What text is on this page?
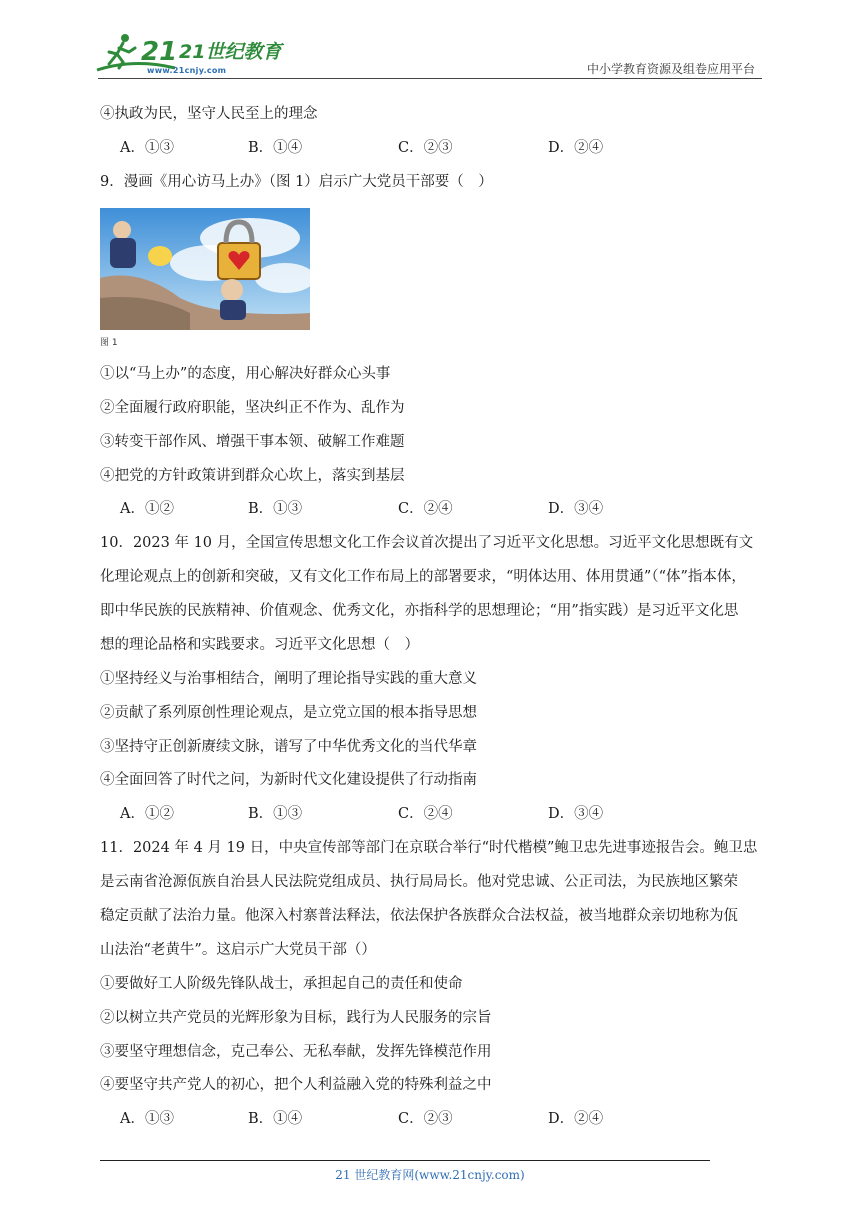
21 21世纪教育
www.21cnjy.com	中小学教育资源及组卷应用平台
④执政为民，坚守人民至上的理念
A．①③	B．①④	C．②③	D．②④
9．漫画《用心访马上办》（图 1）启示广大党员干部要（　）
图 1
①以“马上办”的态度，用心解决好群众心头事
②全面履行政府职能，坚决纠正不作为、乱作为
③转变干部作风、增强干事本领、破解工作难题
④把党的方针政策讲到群众心坎上，落实到基层
A．①②	B．①③	C．②④	D．③④
10．2023 年 10 月，全国宣传思想文化工作会议首次提出了习近平文化思想。习近平文化思想既有文
化理论观点上的创新和突破，又有文化工作布局上的部署要求，“明体达用、体用贯通”（“体”指本体，
即中华民族的民族精神、价值观念、优秀文化，亦指科学的思想理论；“用”指实践）是习近平文化思
想的理论品格和实践要求。习近平文化思想（　）
①坚持经义与治事相结合，阐明了理论指导实践的重大意义
②贡献了系列原创性理论观点，是立党立国的根本指导思想
③坚持守正创新赓续文脉，谱写了中华优秀文化的当代华章
④全面回答了时代之问，为新时代文化建设提供了行动指南
A．①②	B．①③	C．②④	D．③④
11．2024 年 4 月 19 日，中央宣传部等部门在京联合举行“时代楷模”鲍卫忠先进事迹报告会。鲍卫忠
是云南省沧源佤族自治县人民法院党组成员、执行局局长。他对党忠诚、公正司法，为民族地区繁荣
稳定贡献了法治力量。他深入村寨普法释法，依法保护各族群众合法权益，被当地群众亲切地称为佤
山法治“老黄牛”。这启示广大党员干部（）
①要做好工人阶级先锋队战士，承担起自己的责任和使命
②以树立共产党员的光辉形象为目标，践行为人民服务的宗旨
③要坚守理想信念，克己奉公、无私奉献，发挥先锋模范作用
④要坚守共产党人的初心，把个人利益融入党的特殊利益之中
A．①③	B．①④	C．②③	D．②④
21 世纪教育网(www.21cnjy.com)
